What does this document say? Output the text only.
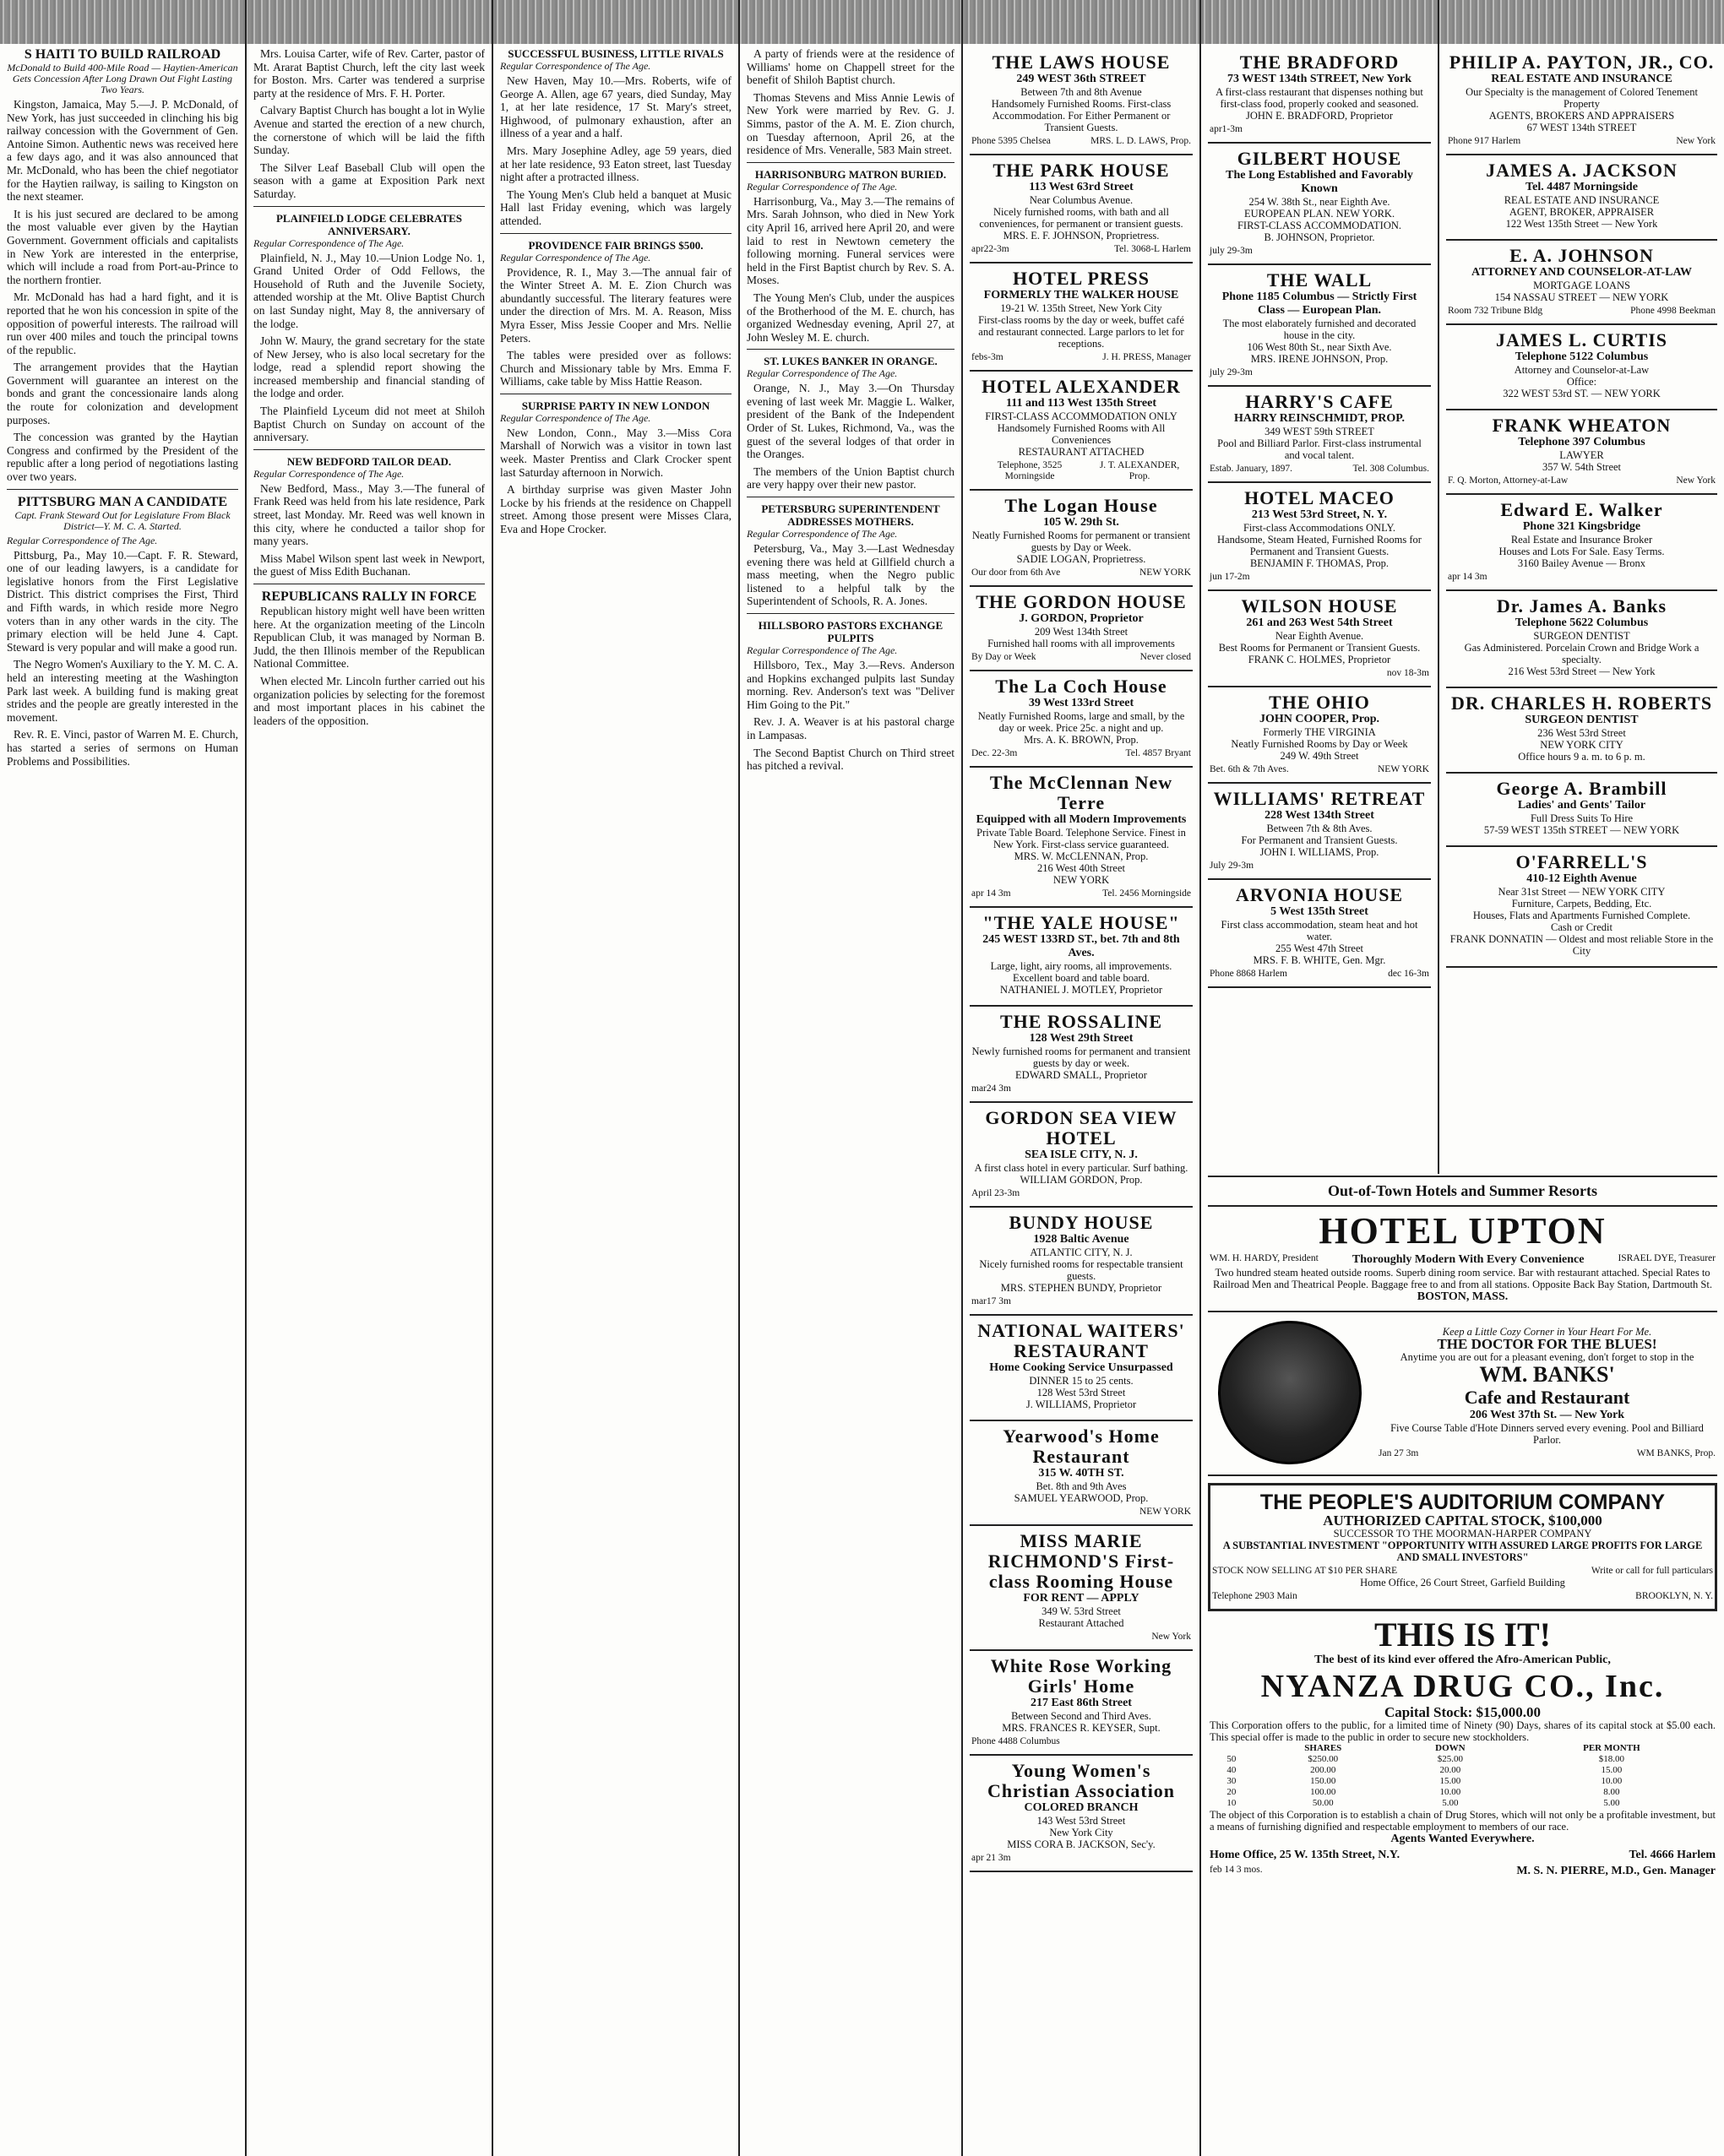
S HAITI TO BUILD RAILROAD
McDonald to Build 400-Mile Road — Haytien-American Gets Concession After Long Drawn Out Fight Lasting Two Years.

Kingston, Jamaica, May 5.—J. P. McDonald, of New York, has just succeeded in clinching his big railway concession with the Government of Gen. Antoine Simon. Authentic news was received here a few days ago, and it was also announced that Mr. McDonald, who has been the chief negotiator for the Haytien railway, is sailing to Kingston on the next steamer.

It is his just secured are declared to be among the most valuable ever given by the Haytian Government. Government officials and capitalists in New York are interested in the enterprise, which will include a road from Port-au-Prince to the northern frontier.

Mr. McDonald has had a hard fight, and it is reported that he won his concession in spite of the opposition of powerful interests. The railroad will run over 400 miles and touch the principal towns of the republic.

The arrangement provides that the Haytian Government will guarantee an interest on the bonds and grant the concessionaire lands along the route for colonization and development purposes.

The concession was granted by the Haytian Congress and confirmed by the President of the republic after a long period of negotiations lasting over two years.

PITTSBURG MAN A CANDIDATE
Capt. Frank Steward Out for Legislature From Black District—Y. M. C. A. Started.
Regular Correspondence of The Age.

Pittsburg, Pa., May 10.—Capt. F. R. Steward, one of our leading lawyers, is a candidate for legislative honors from the First Legislative District. This district comprises the First, Third and Fifth wards, in which reside more Negro voters than in any other wards in the city. The primary election will be held June 4. Capt. Steward is very popular and will make a good run.

The Negro Women's Auxiliary to the Y. M. C. A. held an interesting meeting at the Washington Park last week. A building fund is making great strides and the people are greatly interested in the movement.

Rev. R. E. Vinci, pastor of Warren M. E. Church, has started a series of sermons on Human Problems and Possibilities.

Mrs. Louisa Carter, wife of Rev. Carter, pastor of Mt. Ararat Baptist Church, left the city last week for Boston. Mrs. Carter was tendered a surprise party at the residence of Mrs. F. H. Porter.

Calvary Baptist Church has bought a lot in Wylie Avenue and started the erection of a new church, the cornerstone of which will be laid the fifth Sunday.

The Silver Leaf Baseball Club will open the season with a game at Exposition Park next Saturday.

PLAINFIELD LODGE CELEBRATES ANNIVERSARY.
Regular Correspondence of The Age.

Plainfield, N. J., May 10.—Union Lodge No. 1, Grand United Order of Odd Fellows, the Household of Ruth and the Juvenile Society, attended worship at the Mt. Olive Baptist Church on last Sunday night, May 8, the anniversary of the lodge.

John W. Maury, the grand secretary for the state of New Jersey, who is also local secretary for the lodge, read a splendid report showing the increased membership and financial standing of the lodge and order.

The Plainfield Lyceum did not meet at Shiloh Baptist Church on Sunday on account of the anniversary.

NEW BEDFORD TAILOR DEAD.
Regular Correspondence of The Age.

New Bedford, Mass., May 3.—The funeral of Frank Reed was held from his late residence, Park street, last Monday. Mr. Reed was well known in this city, where he conducted a tailor shop for many years.

Miss Mabel Wilson spent last week in Newport, the guest of Miss Edith Buchanan.

REPUBLICANS RALLY IN FORCE

Republican history might well have been written here. At the organization meeting of the Lincoln Republican Club, it was managed by Norman B. Judd, the then Illinois member of the Republican National Committee.

When elected Mr. Lincoln further carried out his organization policies by selecting for the foremost and most important places in his cabinet the leaders of the opposition.

SUCCESSFUL BUSINESS, LITTLE RIVALS
Regular Correspondence of The Age.

New Haven, May 10.—Mrs. Roberts, wife of George A. Allen, age 67 years, died Sunday, May 1, at her late residence, 17 St. Mary's street, Highwood, of pulmonary exhaustion, after an illness of a year and a half.

Mrs. Mary Josephine Adley, age 59 years, died at her late residence, 93 Eaton street, last Tuesday night after a protracted illness.

The Young Men's Club held a banquet at Music Hall last Friday evening, which was largely attended.

PROVIDENCE FAIR BRINGS $500.
Regular Correspondence of The Age.

Providence, R. I., May 3.—The annual fair of the Winter Street A. M. E. Zion Church was abundantly successful. The literary features were under the direction of Mrs. M. A. Reason, Miss Myra Esser, Miss Jessie Cooper and Mrs. Nellie Peters.

The tables were presided over as follows: Church and Missionary table by Mrs. Emma F. Williams, cake table by Miss Hattie Reason.

SURPRISE PARTY IN NEW LONDON
Regular Correspondence of The Age.

New London, Conn., May 3.—Miss Cora Marshall of Norwich was a visitor in town last week. Master Prentiss and Clark Crocker spent last Saturday afternoon in Norwich.

A birthday surprise was given Master John Locke by his friends at the residence on Chappell street. Among those present were Misses Clara, Eva and Hope Crocker.

A party of friends were at the residence of Williams' home on Chappell street for the benefit of Shiloh Baptist church.

Thomas Stevens and Miss Annie Lewis of New York were married by Rev. G. J. Simms, pastor of the A. M. E. Zion church, on Tuesday afternoon, April 26, at the residence of Mrs. Veneralle, 583 Main street.

HARRISONBURG MATRON BURIED.
Regular Correspondence of The Age.

Harrisonburg, Va., May 3.—The remains of Mrs. Sarah Johnson, who died in New York city April 16, arrived here April 20, and were laid to rest in Newtown cemetery the following morning. Funeral services were held in the First Baptist church by Rev. S. A. Moses.

The Young Men's Club, under the auspices of the Brotherhood of the M. E. church, has organized Wednesday evening, April 27, at John Wesley M. E. church.

ST. LUKES BANKER IN ORANGE.
Regular Correspondence of The Age.

Orange, N. J., May 3.—On Thursday evening of last week Mr. Maggie L. Walker, president of the Bank of the Independent Order of St. Lukes, Richmond, Va., was the guest of the several lodges of that order in the Oranges.

The members of the Union Baptist church are very happy over their new pastor.

PETERSBURG SUPERINTENDENT ADDRESSES MOTHERS.
Regular Correspondence of The Age.

Petersburg, Va., May 3.—Last Wednesday evening there was held at Gillfield church a mass meeting, when the Negro public listened to a helpful talk by the Superintendent of Schools, R. A. Jones.

HILLSBORO PASTORS EXCHANGE PULPITS
Regular Correspondence of The Age.

Hillsboro, Tex., May 3.—Revs. Anderson and Hopkins exchanged pulpits last Sunday morning. Rev. Anderson's text was "Deliver Him Going to the Pit."

Rev. J. A. Weaver is at his pastoral charge in Lampasas.

The Second Baptist Church on Third street has pitched a revival.

THE LAWS HOUSE
249 WEST 36th STREET
Between 7th and 8th Avenue
Handsomely Furnished Rooms. First-class Accommodation. For Either Permanent or Transient Guests.
Phone 5395 Chelsea	MRS. L. D. LAWS, Prop.
THE PARK HOUSE
113 West 63rd Street
Near Columbus Avenue.
Nicely furnished rooms, with bath and all conveniences, for permanent or transient guests.
MRS. E. F. JOHNSON, Proprietress.
apr22-3m	Tel. 3068-L Harlem
HOTEL PRESS
FORMERLY THE WALKER HOUSE
19-21 W. 135th Street, New York City
First-class rooms by the day or week, buffet café and restaurant connected. Large parlors to let for receptions.
febs-3m	J. H. PRESS, Manager
HOTEL ALEXANDER
111 and 113 West 135th Street
FIRST-CLASS ACCOMMODATION ONLY
Handsomely Furnished Rooms with All Conveniences
RESTAURANT ATTACHED
Telephone, 3525 Morningside
J. T. ALEXANDER, Prop.
The Logan House
105 W. 29th St.
Neatly Furnished Rooms for permanent or transient guests by Day or Week.
SADIE LOGAN, Proprietress.
Our door from 6th Ave	NEW YORK
THE GORDON HOUSE
J. GORDON, Proprietor
209 West 134th Street
Furnished hall rooms with all improvements
By Day or Week	Never closed
The La Coch House
39 West 133rd Street
Neatly Furnished Rooms, large and small, by the day or week. Price 25c. a night and up.
Mrs. A. K. BROWN, Prop.
Dec. 22-3m	Tel. 4857 Bryant
The McClennan New Terre
Equipped with all Modern Improvements
Private Table Board. Telephone Service. Finest in New York. First-class service guaranteed.
MRS. W. McCLENNAN, Prop.
216 West 40th Street
NEW YORK
apr 14 3m	Tel. 2456 Morningside
"THE YALE HOUSE"
245 WEST 133RD ST., bet. 7th and 8th Aves.
Large, light, airy rooms, all improvements. Excellent board and table board.
NATHANIEL J. MOTLEY, Proprietor
THE ROSSALINE
128 West 29th Street
Newly furnished rooms for permanent and transient guests by day or week.
EDWARD SMALL, Proprietor
mar24 3m
GORDON SEA VIEW HOTEL
SEA ISLE CITY, N. J.
A first class hotel in every particular. Surf bathing.
WILLIAM GORDON, Prop.
April 23-3m
BUNDY HOUSE
1928 Baltic Avenue
ATLANTIC CITY, N. J.
Nicely furnished rooms for respectable transient guests.
MRS. STEPHEN BUNDY, Proprietor
mar17 3m
NATIONAL WAITERS' RESTAURANT
Home Cooking Service Unsurpassed
DINNER 15 to 25 cents.
128 West 53rd Street
J. WILLIAMS, Proprietor
Yearwood's Home Restaurant
315 W. 40TH ST.
Bet. 8th and 9th Aves
SAMUEL YEARWOOD, Prop.
NEW YORK
MISS MARIE RICHMOND'S First-class Rooming House
FOR RENT — APPLY
349 W. 53rd Street
Restaurant Attached
New York
White Rose Working Girls' Home
217 East 86th Street
Between Second and Third Aves.
MRS. FRANCES R. KEYSER, Supt.
Phone 4488 Columbus
Young Women's Christian Association
COLORED BRANCH
143 West 53rd Street
New York City
MISS CORA B. JACKSON, Sec'y.
apr 21 3m
THE BRADFORD
73 WEST 134th STREET, New York
A first-class restaurant that dispenses nothing but first-class food, properly cooked and seasoned.
JOHN E. BRADFORD, Proprietor
apr1-3m
GILBERT HOUSE
The Long Established and Favorably Known
254 W. 38th St., near Eighth Ave.
EUROPEAN PLAN. NEW YORK.
FIRST-CLASS ACCOMMODATION.
B. JOHNSON, Proprietor.
july 29-3m
THE WALL
Phone 1185 Columbus — Strictly First Class — European Plan.
The most elaborately furnished and decorated house in the city.
106 West 80th St., near Sixth Ave.
MRS. IRENE JOHNSON, Prop.
july 29-3m
HARRY'S CAFE
HARRY REINSCHMIDT, PROP.
349 WEST 59th STREET
Pool and Billiard Parlor. First-class instrumental and vocal talent.
Estab. January, 1897.	Tel. 308 Columbus.
HOTEL MACEO
213 West 53rd Street, N. Y.
First-class Accommodations ONLY.
Handsome, Steam Heated, Furnished Rooms for Permanent and Transient Guests.
BENJAMIN F. THOMAS, Prop.
jun 17-2m
WILSON HOUSE
261 and 263 West 54th Street
Near Eighth Avenue.
Best Rooms for Permanent or Transient Guests.
FRANK C. HOLMES, Proprietor
nov 18-3m
THE OHIO
JOHN COOPER, Prop.
Formerly THE VIRGINIA
Neatly Furnished Rooms by Day or Week
249 W. 49th Street
Bet. 6th & 7th Aves.	NEW YORK
WILLIAMS' RETREAT
228 West 134th Street
Between 7th & 8th Aves.
For Permanent and Transient Guests.
JOHN I. WILLIAMS, Prop.
July 29-3m
ARVONIA HOUSE
5 West 135th Street
First class accommodation, steam heat and hot water.
255 West 47th Street
MRS. F. B. WHITE, Gen. Mgr.
Phone 8868 Harlem	dec 16-3m
PHILIP A. PAYTON, JR., CO.
REAL ESTATE AND INSURANCE
Our Specialty is the management of Colored Tenement Property
AGENTS, BROKERS AND APPRAISERS
67 WEST 134th STREET
Phone 917 Harlem	New York
JAMES A. JACKSON
Tel. 4487 Morningside
REAL ESTATE AND INSURANCE
AGENT, BROKER, APPRAISER
122 West 135th Street — New York
E. A. JOHNSON
ATTORNEY AND COUNSELOR-AT-LAW
MORTGAGE LOANS
154 NASSAU STREET — NEW YORK
Room 732 Tribune Bldg	Phone 4998 Beekman
JAMES L. CURTIS
Telephone 5122 Columbus
Attorney and Counselor-at-Law
Office:
322 WEST 53rd ST. — NEW YORK
FRANK WHEATON
Telephone 397 Columbus
LAWYER
357 W. 54th Street
F. Q. Morton, Attorney-at-Law	New York
Edward E. Walker
Phone 321 Kingsbridge
Real Estate and Insurance Broker
Houses and Lots For Sale. Easy Terms.
3160 Bailey Avenue — Bronx
apr 14 3m
Dr. James A. Banks
Telephone 5622 Columbus
SURGEON DENTIST
Gas Administered. Porcelain Crown and Bridge Work a specialty.
216 West 53rd Street — New York
DR. CHARLES H. ROBERTS
SURGEON DENTIST
236 West 53rd Street
NEW YORK CITY
Office hours 9 a. m. to 6 p. m.
George A. Brambill
Ladies' and Gents' Tailor
Full Dress Suits To Hire
57-59 WEST 135th STREET — NEW YORK
O'FARRELL'S
410-12 Eighth Avenue
Near 31st Street — NEW YORK CITY
Furniture, Carpets, Bedding, Etc.
Houses, Flats and Apartments Furnished Complete.
Cash or Credit
FRANK DONNATIN — Oldest and most reliable Store in the City
Out-of-Town Hotels and Summer Resorts
HOTEL UPTON
WM. H. HARDY, President	Thoroughly Modern With Every Convenience	ISRAEL DYE, Treasurer
Two hundred steam heated outside rooms. Superb dining room service. Bar with restaurant attached. Special Rates to Railroad Men and Theatrical People. Baggage free to and from all stations. Opposite Back Bay Station, Dartmouth St.
BOSTON, MASS.
Keep a Little Cozy Corner in Your Heart For Me.
THE DOCTOR FOR THE BLUES!
Anytime you are out for a pleasant evening, don't forget to stop in the
WM. BANKS'
Cafe and Restaurant
206 West 37th St. — New York
Five Course Table d'Hote Dinners served every evening. Pool and Billiard Parlor.
Jan 27 3m	WM BANKS, Prop.
THE PEOPLE'S AUDITORIUM COMPANY
AUTHORIZED CAPITAL STOCK, $100,000
SUCCESSOR TO THE MOORMAN-HARPER COMPANY
A SUBSTANTIAL INVESTMENT "OPPORTUNITY WITH ASSURED LARGE PROFITS FOR LARGE AND SMALL INVESTORS"
STOCK NOW SELLING AT $10 PER SHARE	Write or call for full particulars
Home Office, 26 Court Street, Garfield Building
Telephone 2903 Main	BROOKLYN, N. Y.
THIS IS IT!
The best of its kind ever offered the Afro-American Public,
NYANZA DRUG CO., Inc.
Capital Stock: $15,000.00
This Corporation offers to the public, for a limited time of Ninety (90) Days, shares of its capital stock at $5.00 each. This special offer is made to the public in order to secure new stockholders.
	SHARES	DOWN	PER MONTH
50	$250.00	$25.00	$18.00
40	200.00	20.00	15.00
30	150.00	15.00	10.00
20	100.00	10.00	8.00
10	50.00	5.00	5.00
The object of this Corporation is to establish a chain of Drug Stores, which will not only be a profitable investment, but a means of furnishing dignified and respectable employment to members of our race.
Agents Wanted Everywhere.
Home Office, 25 W. 135th Street, N.Y.	Tel. 4666 Harlem
feb 14 3 mos.	M. S. N. PIERRE, M.D., Gen. Manager
